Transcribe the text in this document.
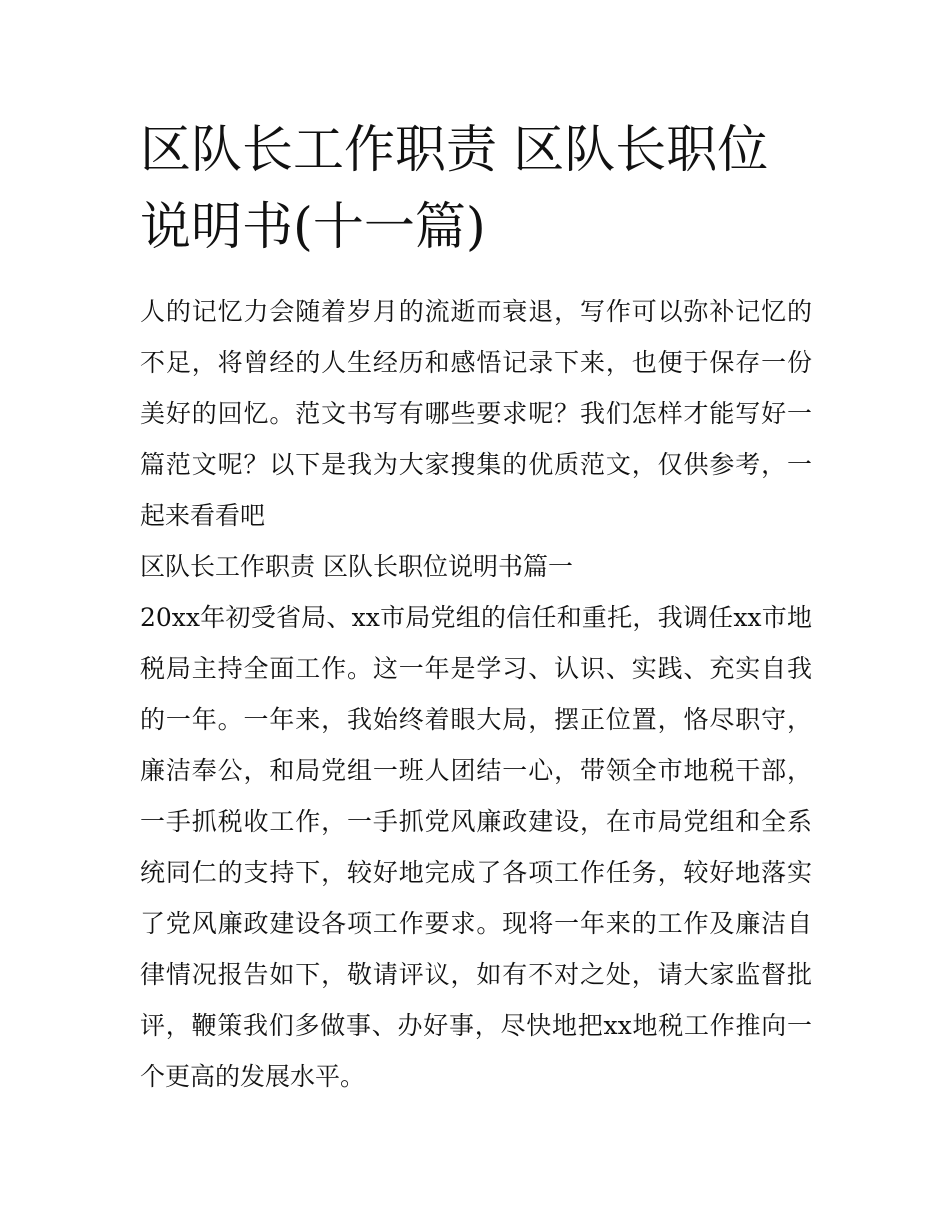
区队长工作职责 区队长职位说明书(十一篇)

人的记忆力会随着岁月的流逝而衰退，写作可以弥补记忆的不足，将曾经的人生经历和感悟记录下来，也便于保存一份美好的回忆。范文书写有哪些要求呢？我们怎样才能写好一篇范文呢？以下是我为大家搜集的优质范文，仅供参考，一起来看看吧

区队长工作职责 区队长职位说明书篇一

20xx年初受省局、xx市局党组的信任和重托，我调任xx市地税局主持全面工作。这一年是学习、认识、实践、充实自我的一年。一年来，我始终着眼大局，摆正位置，恪尽职守，廉洁奉公，和局党组一班人团结一心，带领全市地税干部，一手抓税收工作，一手抓党风廉政建设，在市局党组和全系统同仁的支持下，较好地完成了各项工作任务，较好地落实了党风廉政建设各项工作要求。现将一年来的工作及廉洁自律情况报告如下，敬请评议，如有不对之处，请大家监督批评，鞭策我们多做事、办好事，尽快地把xx地税工作推向一个更高的发展水平。
